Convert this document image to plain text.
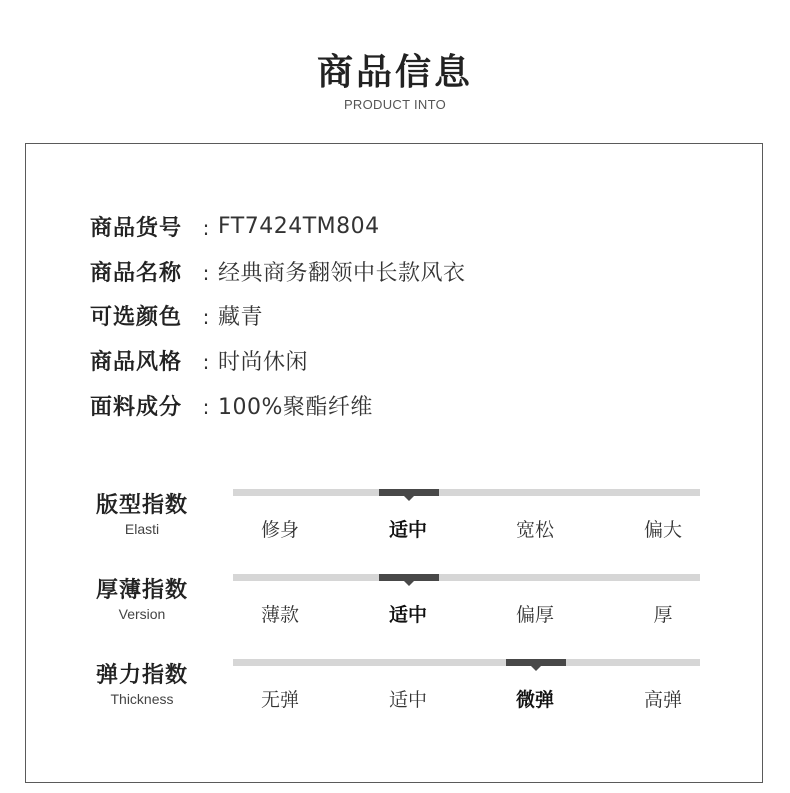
商品信息
PRODUCT INTO
商品货号	: FT7424TM804
商品名称	: 经典商务翻领中长款风衣
可选颜色	: 藏青
商品风格	: 时尚休闲
面料成分	: 100%聚酯纤维
版型指数
Elasti	修身	适中	宽松	偏大
厚薄指数
Version	薄款	适中	偏厚	厚
弹力指数
Thickness	无弹	适中	微弹	高弹
